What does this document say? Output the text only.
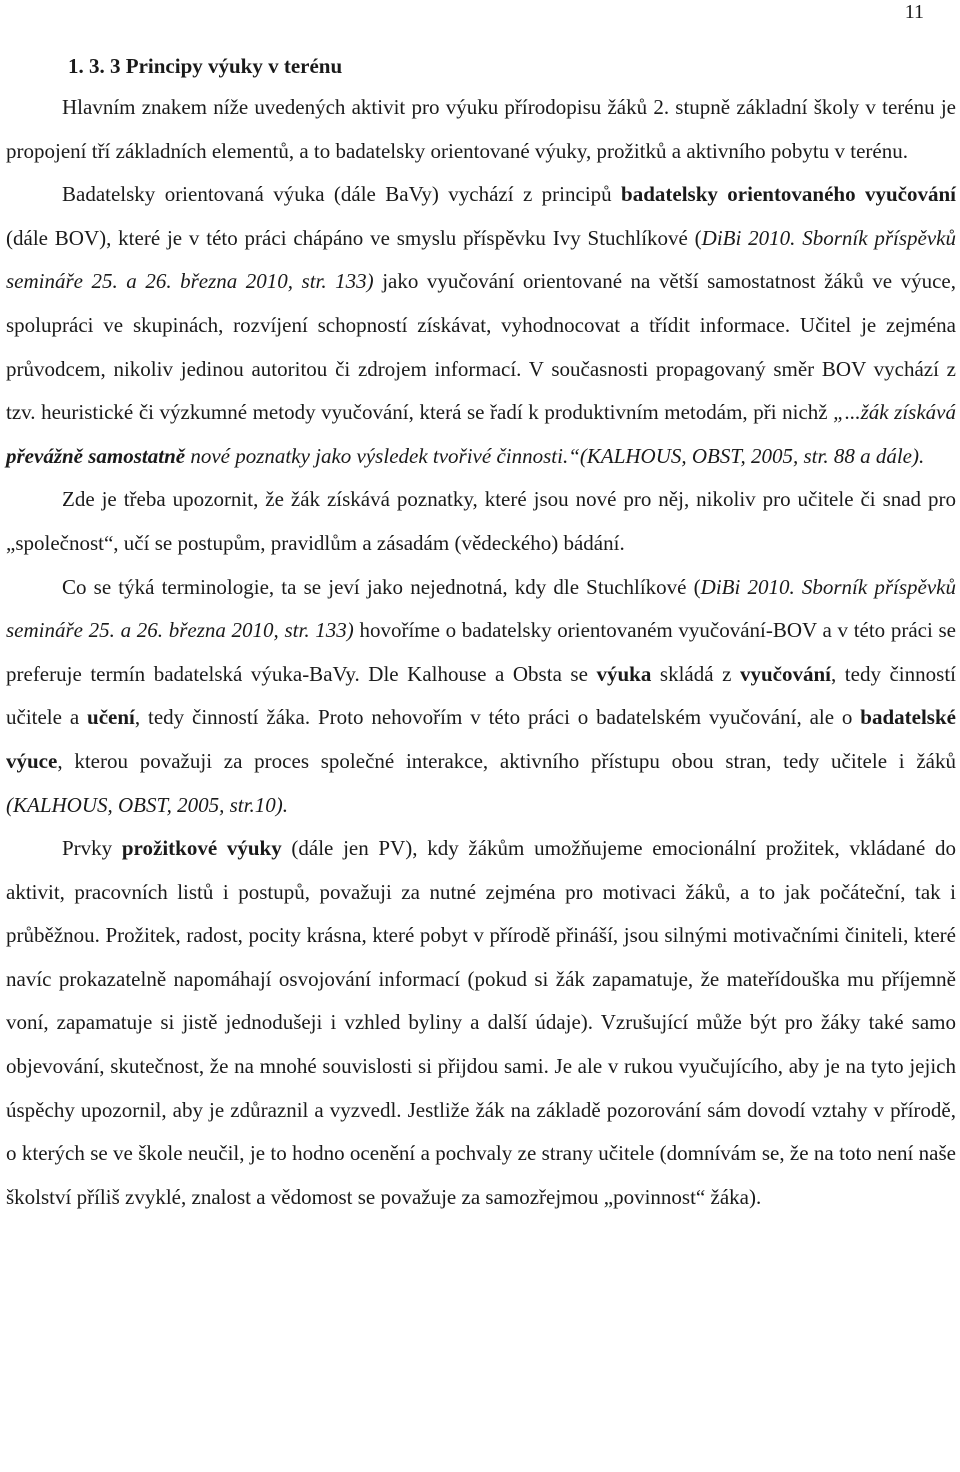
11
1. 3. 3 Principy výuky v terénu

Hlavním znakem níže uvedených aktivit pro výuku přírodopisu žáků 2. stupně základní školy v terénu je propojení tří základních elementů, a to badatelsky orientované výuky, prožitků a aktivního pobytu v terénu.

Badatelsky orientovaná výuka (dále BaVy) vychází z principů badatelsky orientovaného vyučování (dále BOV), které je v této práci chápáno ve smyslu příspěvku Ivy Stuchlíkové (DiBi 2010. Sborník příspěvků semináře 25. a 26. března 2010, str. 133) jako vyučování orientované na větší samostatnost žáků ve výuce, spolupráci ve skupinách, rozvíjení schopností získávat, vyhodnocovat a třídit informace. Učitel je zejména průvodcem, nikoliv jedinou autoritou či zdrojem informací. V současnosti propagovaný směr BOV vychází z tzv. heuristické či výzkumné metody vyučování, která se řadí k produktivním metodám, při nichž „...žák získává převážně samostatně nové poznatky jako výsledek tvořivé činnosti.“(KALHOUS, OBST, 2005, str. 88 a dále).

Zde je třeba upozornit, že žák získává poznatky, které jsou nové pro něj, nikoliv pro učitele či snad pro „společnost“, učí se postupům, pravidlům a zásadám (vědeckého) bádání.

Co se týká terminologie, ta se jeví jako nejednotná, kdy dle Stuchlíkové (DiBi 2010. Sborník příspěvků semináře 25. a 26. března 2010, str. 133) hovoříme o badatelsky orientovaném vyučování-BOV a v této práci se preferuje termín badatelská výuka-BaVy. Dle Kalhouse a Obsta se výuka skládá z vyučování, tedy činností učitele a učení, tedy činností žáka. Proto nehovořím v této práci o badatelském vyučování, ale o badatelské výuce, kterou považuji za proces společné interakce, aktivního přístupu obou stran, tedy učitele i žáků (KALHOUS, OBST, 2005, str.10).

Prvky prožitkové výuky (dále jen PV), kdy žákům umožňujeme emocionální prožitek, vkládané do aktivit, pracovních listů i postupů, považuji za nutné zejména pro motivaci žáků, a to jak počáteční, tak i průběžnou. Prožitek, radost, pocity krásna, které pobyt v přírodě přináší, jsou silnými motivačními činiteli, které navíc prokazatelně napomáhají osvojování informací (pokud si žák zapamatuje, že mateřídouška mu příjemně voní, zapamatuje si jistě jednodušeji i vzhled byliny a další údaje). Vzrušující může být pro žáky také samo objevování, skutečnost, že na mnohé souvislosti si přijdou sami. Je ale v rukou vyučujícího, aby je na tyto jejich úspěchy upozornil, aby je zdůraznil a vyzvedl. Jestliže žák na základě pozorování sám dovodí vztahy v přírodě, o kterých se ve škole neučil, je to hodno ocenění a pochvaly ze strany učitele (domnívám se, že na toto není naše školství příliš zvyklé, znalost a vědomost se považuje za samozřejmou „povinnost“ žáka).
